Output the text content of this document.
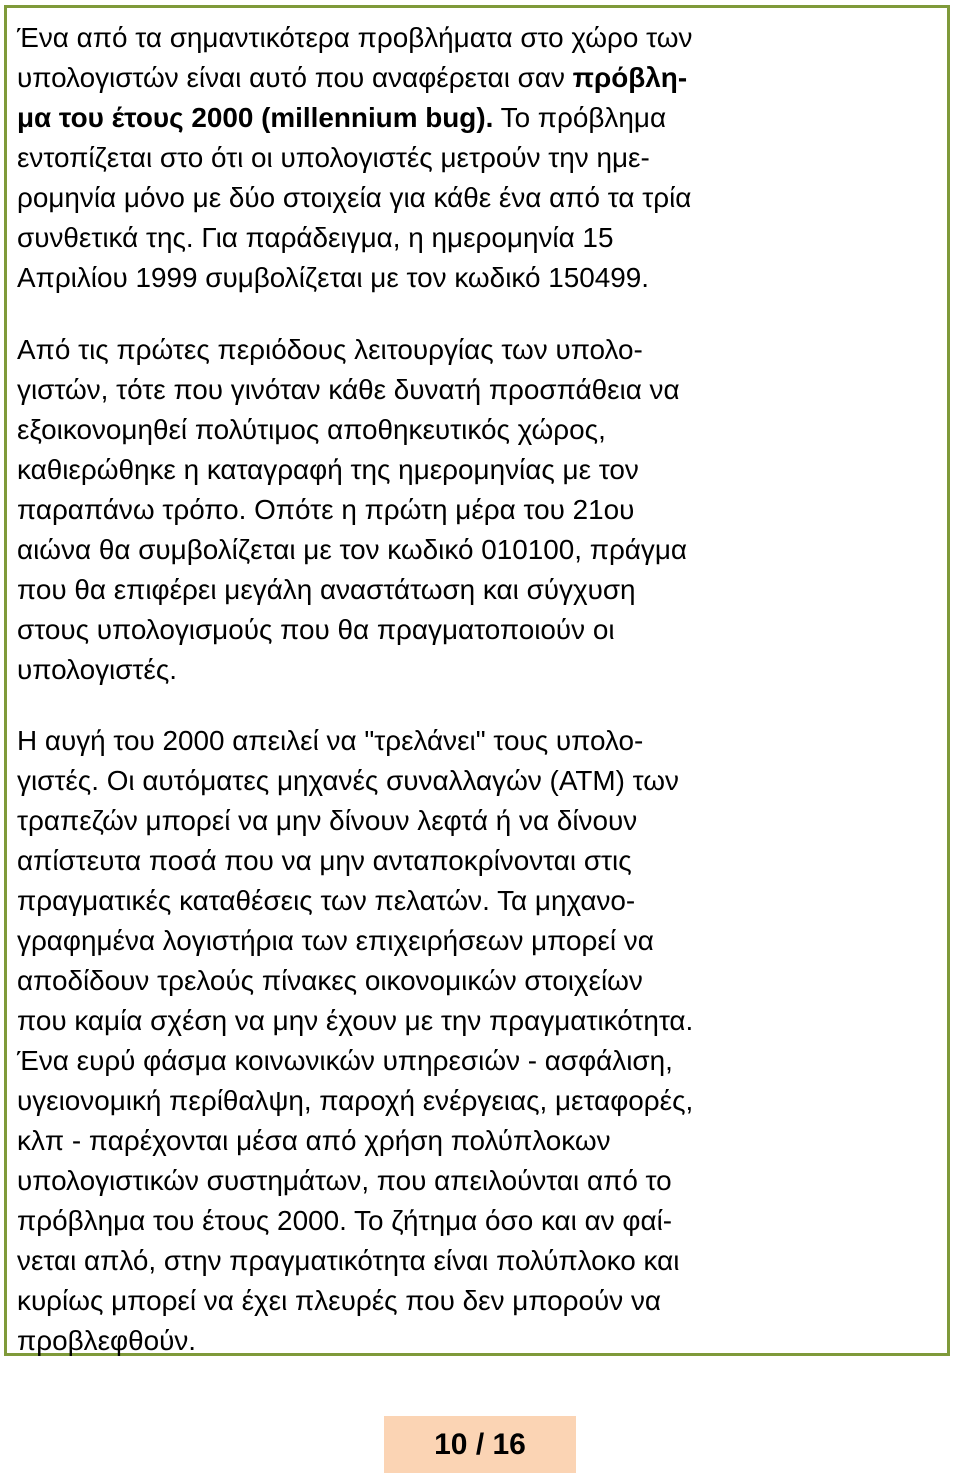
Ένα από τα σημαντικότερα προβλήματα στο χώρο των
υπολογιστών είναι αυτό που αναφέρεται σαν πρόβλη-
μα του έτους 2000 (millennium bug). Το πρόβλημα
εντοπίζεται στο ότι οι υπολογιστές μετρούν την ημε-
ρομηνία μόνο με δύο στοιχεία για κάθε ένα από τα τρία
συνθετικά της. Για παράδειγμα, η ημερομηνία 15
Απριλίου 1999 συμβολίζεται με τον κωδικό 150499.
Από τις πρώτες περιόδους λειτουργίας των υπολο-
γιστών, τότε που γινόταν κάθε δυνατή προσπάθεια να
εξοικονομηθεί πολύτιμος αποθηκευτικός χώρος,
καθιερώθηκε η καταγραφή της ημερομηνίας με τον
παραπάνω τρόπο. Οπότε η πρώτη μέρα του 21ου
αιώνα θα συμβολίζεται με τον κωδικό 010100, πράγμα
που θα επιφέρει μεγάλη αναστάτωση και σύγχυση
στους υπολογισμούς που θα πραγματοποιούν οι
υπολογιστές.
Η αυγή του 2000 απειλεί να "τρελάνει" τους υπολο-
γιστές. Οι αυτόματες μηχανές συναλλαγών (ATM) των
τραπεζών μπορεί να μην δίνουν λεφτά ή να δίνουν
απίστευτα ποσά που να μην ανταποκρίνονται στις
πραγματικές καταθέσεις των πελατών. Τα μηχανο-
γραφημένα λογιστήρια των επιχειρήσεων μπορεί να
αποδίδουν τρελούς πίνακες οικονομικών στοιχείων
που καμία σχέση να μην έχουν με την πραγματικότητα.
Ένα ευρύ φάσμα κοινωνικών υπηρεσιών - ασφάλιση,
υγειονομική περίθαλψη, παροχή ενέργειας, μεταφορές,
κλπ - παρέχονται μέσα από χρήση πολύπλοκων
υπολογιστικών συστημάτων, που απειλούνται από το
πρόβλημα του έτους 2000. Το ζήτημα όσο και αν φαί-
νεται απλό, στην πραγματικότητα είναι πολύπλοκο και
κυρίως μπορεί να έχει πλευρές που δεν μπορούν να
προβλεφθούν.
10 / 16
